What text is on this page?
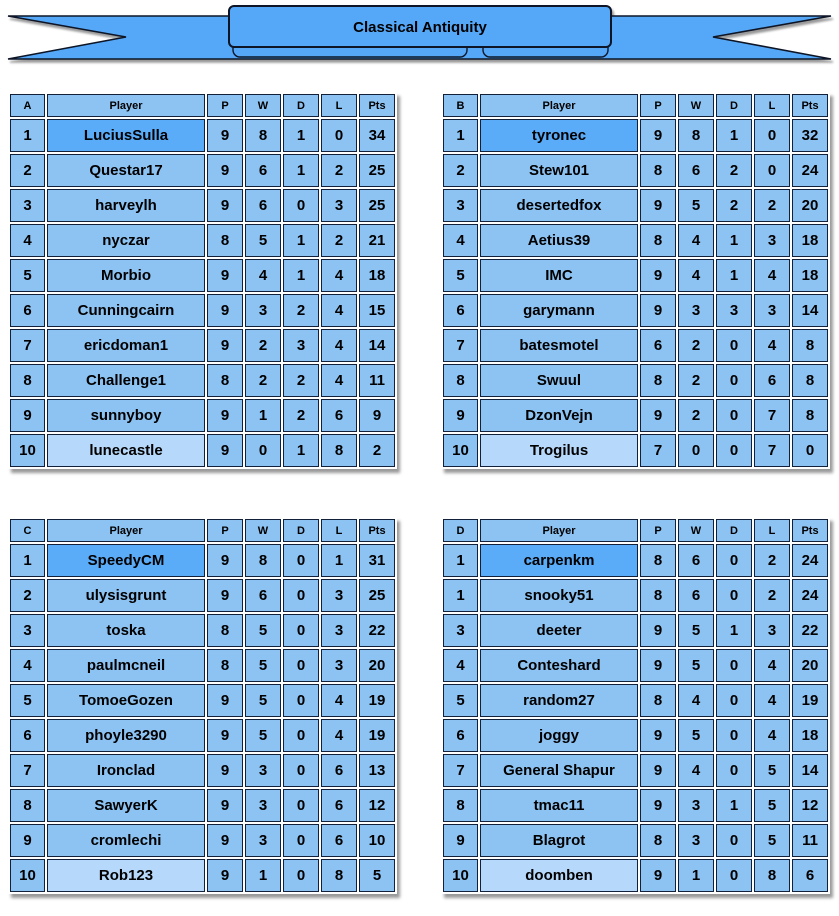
Classical Antiquity
A	Player	P	W	D	L	Pts
1	LuciusSulla	9	8	1	0	34
2	Questar17	9	6	1	2	25
3	harveylh	9	6	0	3	25
4	nyczar	8	5	1	2	21
5	Morbio	9	4	1	4	18
6	Cunningcairn	9	3	2	4	15
7	ericdoman1	9	2	3	4	14
8	Challenge1	8	2	2	4	11
9	sunnyboy	9	1	2	6	9
10	lunecastle	9	0	1	8	2
B	Player	P	W	D	L	Pts
1	tyronec	9	8	1	0	32
2	Stew101	8	6	2	0	24
3	desertedfox	9	5	2	2	20
4	Aetius39	8	4	1	3	18
5	IMC	9	4	1	4	18
6	garymann	9	3	3	3	14
7	batesmotel	6	2	0	4	8
8	Swuul	8	2	0	6	8
9	DzonVejn	9	2	0	7	8
10	Trogilus	7	0	0	7	0
C	Player	P	W	D	L	Pts
1	SpeedyCM	9	8	0	1	31
2	ulysisgrunt	9	6	0	3	25
3	toska	8	5	0	3	22
4	paulmcneil	8	5	0	3	20
5	TomoeGozen	9	5	0	4	19
6	phoyle3290	9	5	0	4	19
7	Ironclad	9	3	0	6	13
8	SawyerK	9	3	0	6	12
9	cromlechi	9	3	0	6	10
10	Rob123	9	1	0	8	5
D	Player	P	W	D	L	Pts
1	carpenkm	8	6	0	2	24
1	snooky51	8	6	0	2	24
3	deeter	9	5	1	3	22
4	Conteshard	9	5	0	4	20
5	random27	8	4	0	4	19
6	joggy	9	5	0	4	18
7	General Shapur	9	4	0	5	14
8	tmac11	9	3	1	5	12
9	Blagrot	8	3	0	5	11
10	doomben	9	1	0	8	6
